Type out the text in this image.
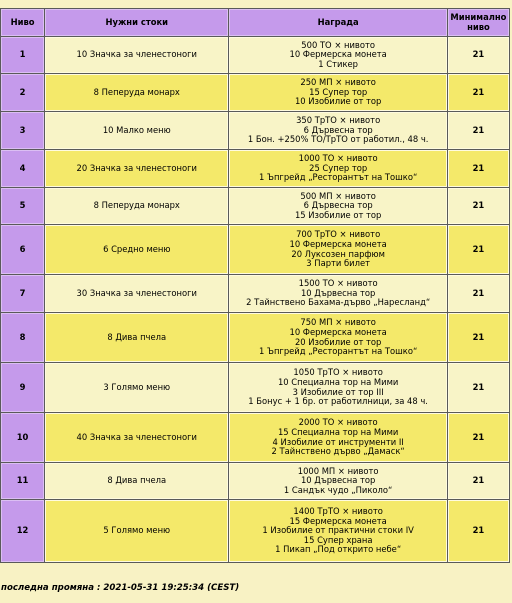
Ниво	Нужни стоки	Награда	Минимално
ниво

1	10 Значка за членестоноги	500 ТО × нивото
10 Фермерска монета
1 Стикер	21
2	8 Пеперуда монарх	250 МП × нивото
15 Супер тор
10 Изобилие от тор	21
3	10 Малко меню	350 ТрТО × нивото
6 Дървесна тор
1 Бон. +250% ТО/ТрТО от работил., 48 ч.	21
4	20 Значка за членестоноги	1000 ТО × нивото
25 Супер тор
1 Ъпгрейд „Ресторантът на Тошко“	21
5	8 Пеперуда монарх	500 МП × нивото
6 Дървесна тор
15 Изобилие от тор	21
6	6 Средно меню	700 ТрТО × нивото
10 Фермерска монета
20 Луксозен парфюм
3 Парти билет	21
7	30 Значка за членестоноги	1500 ТО × нивото
10 Дървесна тор
2 Тайнствено Бахама-дърво „Наресланд“	21
8	8 Дива пчела	750 МП × нивото
10 Фермерска монета
20 Изобилие от тор
1 Ъпгрейд „Ресторантът на Тошко“	21
9	3 Голямо меню	1050 ТрТО × нивото
10 Специална тор на Мими
3 Изобилие от тор III
1 Бонус + 1 бр. от работилници, за 48 ч.	21
10	40 Значка за членестоноги	2000 ТО × нивото
15 Специална тор на Мими
4 Изобилие от инструменти II
2 Тайнствено дърво „Дамаск“	21
11	8 Дива пчела	1000 МП × нивото
10 Дървесна тор
1 Сандък чудо „Пиколо“	21
12	5 Голямо меню	1400 ТрТО × нивото
15 Фермерска монета
1 Изобилие от практични стоки IV
15 Супер храна
1 Пикап „Под открито небе“	21
последна промяна : 2021-05-31 19:25:34 (CEST)
